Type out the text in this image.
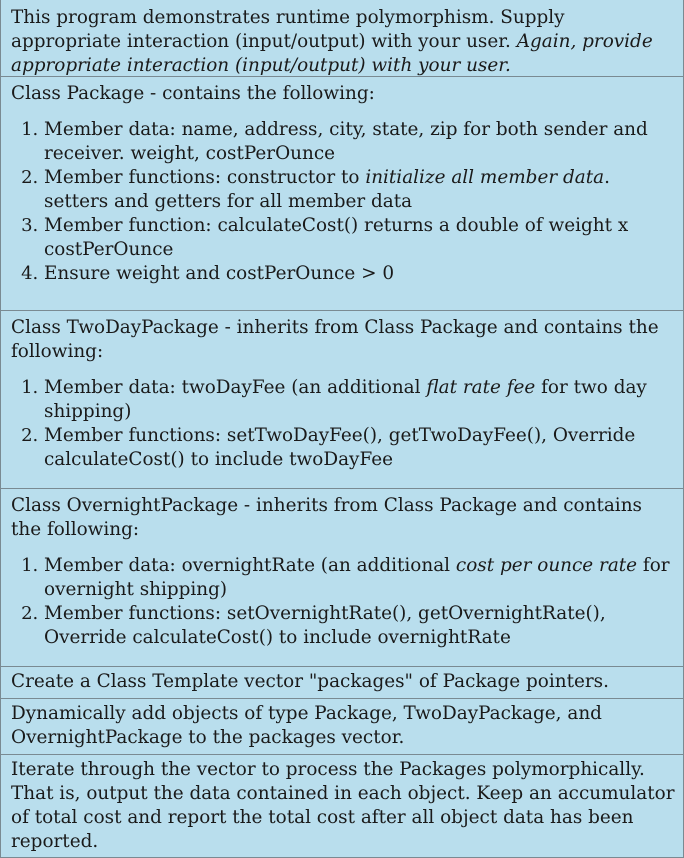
This program demonstrates runtime polymorphism. Supply appropriate interaction (input/output) with your user. Again, provide appropriate interaction (input/output) with your user.

Class Package - contains the following:

1. Member data: name, address, city, state, zip for both sender and receiver. weight, costPerOunce
2. Member functions: constructor to initialize all member data. setters and getters for all member data
3. Member function: calculateCost() returns a double of weight x costPerOunce
4. Ensure weight and costPerOunce > 0

Class TwoDayPackage - inherits from Class Package and contains the following:

1. Member data: twoDayFee (an additional flat rate fee for two day shipping)
2. Member functions: setTwoDayFee(), getTwoDayFee(), Override calculateCost() to include twoDayFee

Class OvernightPackage - inherits from Class Package and contains the following:

1. Member data: overnightRate (an additional cost per ounce rate for overnight shipping)
2. Member functions: setOvernightRate(), getOvernightRate(), Override calculateCost() to include overnightRate

Create a Class Template vector "packages" of Package pointers.

Dynamically add objects of type Package, TwoDayPackage, and OvernightPackage to the packages vector.

Iterate through the vector to process the Packages polymorphically. That is, output the data contained in each object. Keep an accumulator of total cost and report the total cost after all object data has been reported.
